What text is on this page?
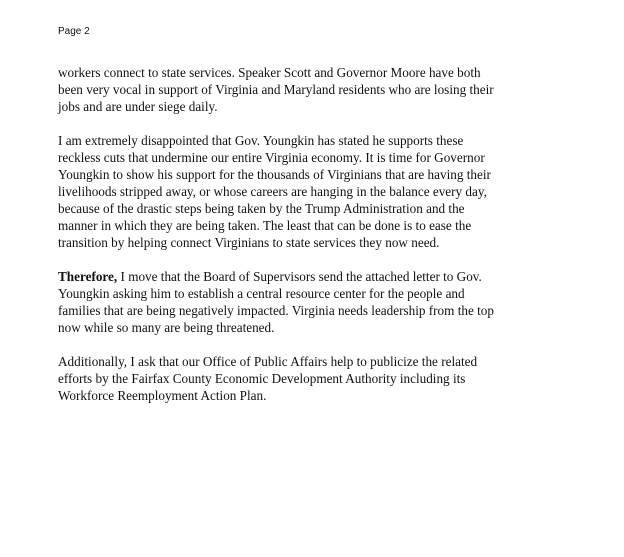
Page 2

workers connect to state services. Speaker Scott and Governor Moore have both
been very vocal in support of Virginia and Maryland residents who are losing their
jobs and are under siege daily.

I am extremely disappointed that Gov. Youngkin has stated he supports these
reckless cuts that undermine our entire Virginia economy. It is time for Governor
Youngkin to show his support for the thousands of Virginians that are having their
livelihoods stripped away, or whose careers are hanging in the balance every day,
because of the drastic steps being taken by the Trump Administration and the
manner in which they are being taken. The least that can be done is to ease the
transition by helping connect Virginians to state services they now need.

Therefore, I move that the Board of Supervisors send the attached letter to Gov.
Youngkin asking him to establish a central resource center for the people and
families that are being negatively impacted. Virginia needs leadership from the top
now while so many are being threatened.

Additionally, I ask that our Office of Public Affairs help to publicize the related
efforts by the Fairfax County Economic Development Authority including its
Workforce Reemployment Action Plan.
